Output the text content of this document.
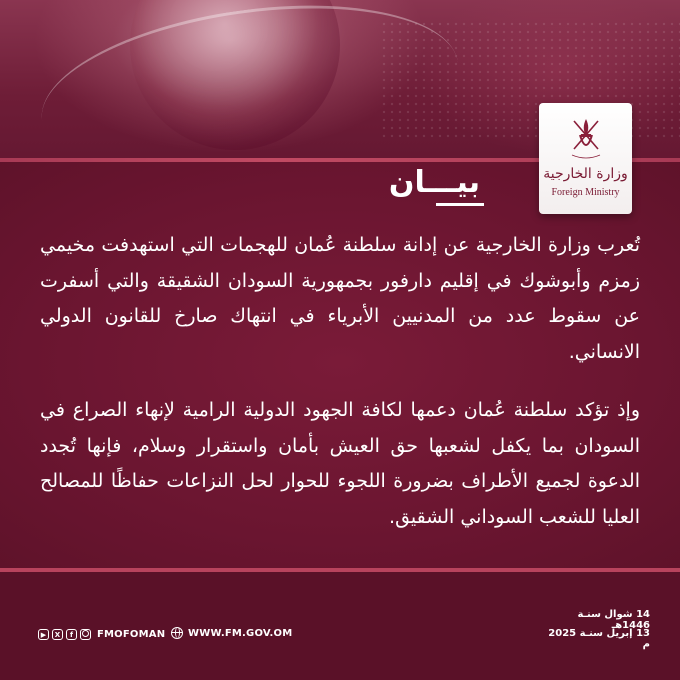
وزارة الخارجية
Foreign Ministry
بيـــان
تُعرب وزارة الخارجية عن إدانة سلطنة عُمان للهجمات التي استهدفت مخيمي زمزم وأبوشوك في إقليم دارفور بجمهورية السودان الشقيقة والتي أسفرت عن سقوط عدد من المدنيين الأبرياء في انتهاك صارخ للقانون الدولي الانساني.
وإذ تؤكد سلطنة عُمان دعمها لكافة الجهود الدولية الرامية لإنهاء الصراع في السودان بما يكفل لشعبها حق العيش بأمان واستقرار وسلام، فإنها تُجدد الدعوة لجميع الأطراف بضرورة اللجوء للحوار لحل النزاعات حفاظًا للمصالح العليا للشعب السوداني الشقيق.
14 شوال سنـة 1446هـ
13 إبريل سنـة 2025 م
▶	X	f	FMOFOMAN WWW.FM.GOV.OM
